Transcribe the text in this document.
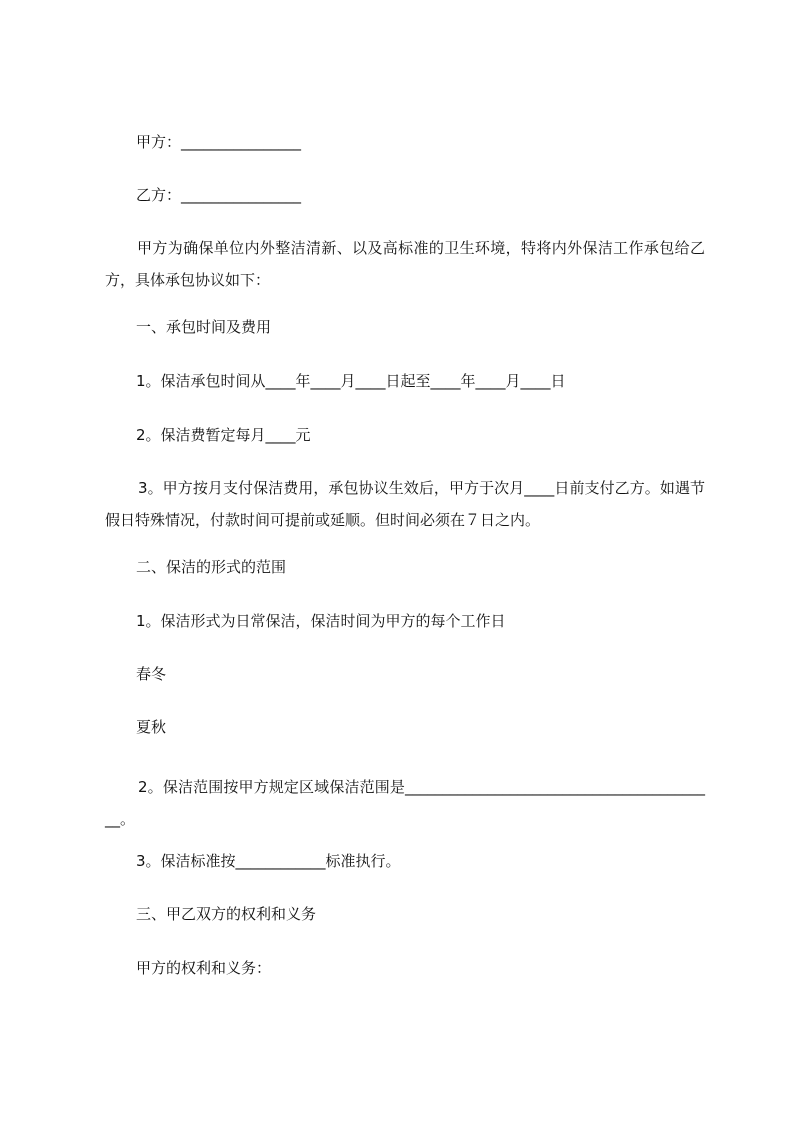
甲方：________________
乙方：________________
甲方为确保单位内外整洁清新、以及高标准的卫生环境，特将内外保洁工作承包给乙方，具体承包协议如下：
一、承包时间及费用
1。保洁承包时间从____年____月____日起至____年____月____日
2。保洁费暂定每月____元
3。甲方按月支付保洁费用，承包协议生效后，甲方于次月____日前支付乙方。如遇节假日特殊情况，付款时间可提前或延顺。但时间必须在７日之内。
二、保洁的形式的范围
1。保洁形式为日常保洁，保洁时间为甲方的每个工作日
春冬
夏秋
2。保洁范围按甲方规定区域保洁范围是__________________________________________。
3。保洁标准按____________标准执行。
三、甲乙双方的权利和义务
甲方的权利和义务：
